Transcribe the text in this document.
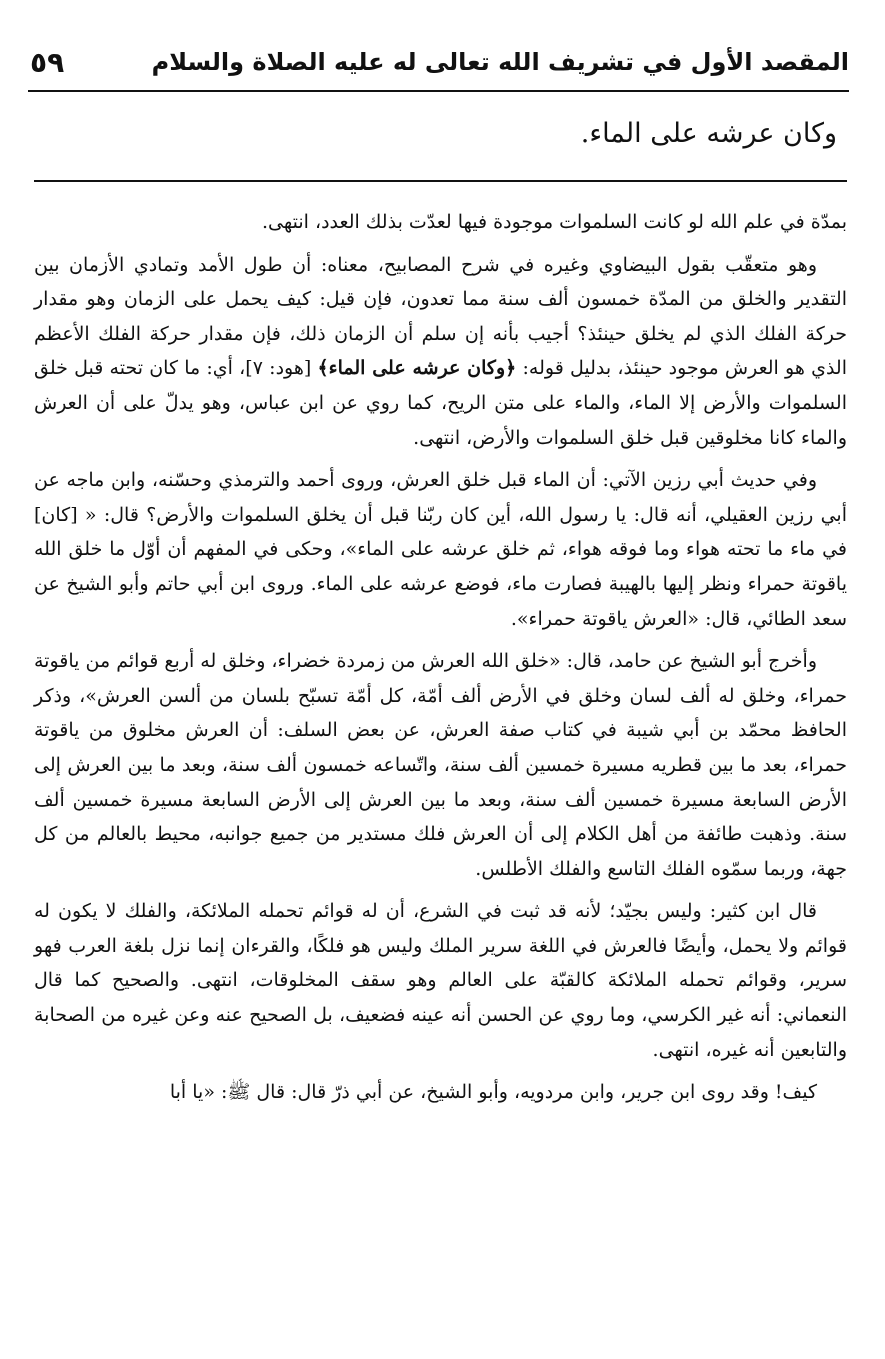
المقصد الأول في تشريف الله تعالى له عليه الصلاة والسلام
٥٩
وكان عرشه على الماء.

بمدّة في علم الله لو كانت السلموات موجودة فيها لعدّت بذلك العدد، انتهى.

وهو متعقّب بقول البيضاوي وغيره في شرح المصابيح، معناه: أن طول الأمد وتمادي الأزمان بين التقدير والخلق من المدّة خمسون ألف سنة مما تعدون، فإن قيل: كيف يحمل على الزمان وهو مقدار حركة الفلك الذي لم يخلق حينئذ؟ أجيب بأنه إن سلم أن الزمان ذلك، فإن مقدار حركة الفلك الأعظم الذي هو العرش موجود حينئذ، بدليل قوله: ﴿وكان عرشه على الماء﴾ [هود: ٧]، أي: ما كان تحته قبل خلق السلموات والأرض إلا الماء، والماء على متن الريح، كما روي عن ابن عباس، وهو يدلّ على أن العرش والماء كانا مخلوقين قبل خلق السلموات والأرض، انتهى.

وفي حديث أبي رزين الآتي: أن الماء قبل خلق العرش، وروى أحمد والترمذي وحسّنه، وابن ماجه عن أبي رزين العقيلي، أنه قال: يا رسول الله، أين كان ربّنا قبل أن يخلق السلموات والأرض؟ قال: « [كان] في ماء ما تحته هواء وما فوقه هواء، ثم خلق عرشه على الماء»، وحكى في المفهم أن أوّل ما خلق الله ياقوتة حمراء ونظر إليها بالهيبة فصارت ماء، فوضع عرشه على الماء. وروى ابن أبي حاتم وأبو الشيخ عن سعد الطائي، قال: «العرش ياقوتة حمراء».

وأخرج أبو الشيخ عن حامد، قال: «خلق الله العرش من زمردة خضراء، وخلق له أربع قوائم من ياقوتة حمراء، وخلق له ألف لسان وخلق في الأرض ألف أمّة، كل أمّة تسبّح بلسان من ألسن العرش»، وذكر الحافظ محمّد بن أبي شيبة في كتاب صفة العرش، عن بعض السلف: أن العرش مخلوق من ياقوتة حمراء، بعد ما بين قطريه مسيرة خمسين ألف سنة، واتّساعه خمسون ألف سنة، وبعد ما بين العرش إلى الأرض السابعة مسيرة خمسين ألف سنة، وبعد ما بين العرش إلى الأرض السابعة مسيرة خمسين ألف سنة. وذهبت طائفة من أهل الكلام إلى أن العرش فلك مستدير من جميع جوانبه، محيط بالعالم من كل جهة، وربما سمّوه الفلك التاسع والفلك الأطلس.

قال ابن كثير: وليس بجيّد؛ لأنه قد ثبت في الشرع، أن له قوائم تحمله الملائكة، والفلك لا يكون له قوائم ولا يحمل، وأيضًا فالعرش في اللغة سرير الملك وليس هو فلكًا، والقرءان إنما نزل بلغة العرب فهو سرير، وقوائم تحمله الملائكة كالقبّة على العالم وهو سقف المخلوقات، انتهى. والصحيح كما قال النعماني: أنه غير الكرسي، وما روي عن الحسن أنه عينه فضعيف، بل الصحيح عنه وعن غيره من الصحابة والتابعين أنه غيره، انتهى.

كيف! وقد روى ابن جرير، وابن مردويه، وأبو الشيخ، عن أبي ذرّ قال: قال ﷺ: «يا أبا
